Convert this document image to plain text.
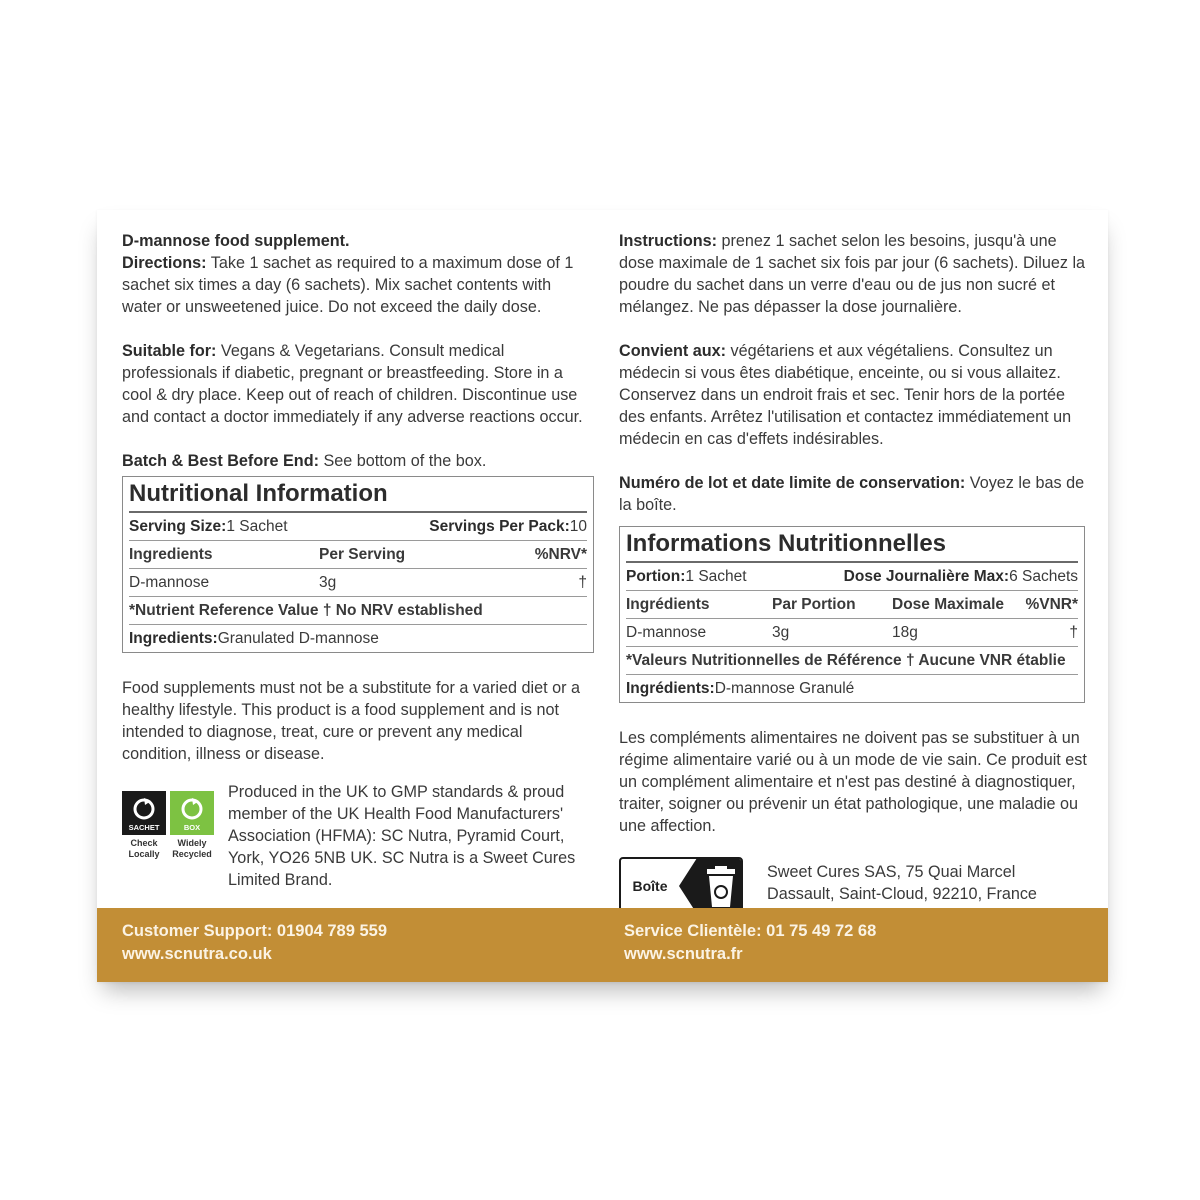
D-mannose food supplement.
Directions: Take 1 sachet as required to a maximum dose of 1 sachet six times a day (6 sachets). Mix sachet contents with water or unsweetened juice. Do not exceed the daily dose.

Suitable for: Vegans & Vegetarians. Consult medical professionals if diabetic, pregnant or breastfeeding. Store in a cool & dry place. Keep out of reach of children. Discontinue use and contact a doctor immediately if any adverse reactions occur.

Batch & Best Before End: See bottom of the box.

Nutritional Information
Serving Size: 1 Sachet	Servings Per Pack: 10
Ingredients	Per Serving	%NRV*
D-mannose	3g	†
*Nutrient Reference Value † No NRV established
Ingredients: Granulated D-mannose

Food supplements must not be a substitute for a varied diet or a healthy lifestyle. This product is a food supplement and is not intended to diagnose, treat, cure or prevent any medical condition, illness or disease.

SACHET
Check Locally
BOX
Widely Recycled
Produced in the UK to GMP standards & proud member of the UK Health Food Manufacturers' Association (HFMA): SC Nutra, Pyramid Court, York, YO26 5NB UK. SC Nutra is a Sweet Cures Limited Brand.

Instructions: prenez 1 sachet selon les besoins, jusqu'à une dose maximale de 1 sachet six fois par jour (6 sachets). Diluez la poudre du sachet dans un verre d'eau ou de jus non sucré et mélangez. Ne pas dépasser la dose journalière.

Convient aux: végétariens et aux végétaliens. Consultez un médecin si vous êtes diabétique, enceinte, ou si vous allaitez. Conservez dans un endroit frais et sec. Tenir hors de la portée des enfants. Arrêtez l'utilisation et contactez immédiatement un médecin en cas d'effets indésirables.

Numéro de lot et date limite de conservation: Voyez le bas de la boîte.

Informations Nutritionnelles
Portion: 1 Sachet	Dose Journalière Max: 6 Sachets
Ingrédients	Par Portion	Dose Maximale	%VNR*
D-mannose	3g	18g	†
*Valeurs Nutritionnelles de Référence † Aucune VNR établie
Ingrédients: D-mannose Granulé

Les compléments alimentaires ne doivent pas se substituer à un régime alimentaire varié ou à un mode de vie sain. Ce produit est un complément alimentaire et n'est pas destiné à diagnostiquer, traiter, soigner ou prévenir un état pathologique, une maladie ou une affection.

Boîte
Sweet Cures SAS, 75 Quai Marcel Dassault, Saint-Cloud, 92210, France
Customer Support: 01904 789 559
www.scnutra.co.uk
Service Clientèle: 01 75 49 72 68
www.scnutra.fr
